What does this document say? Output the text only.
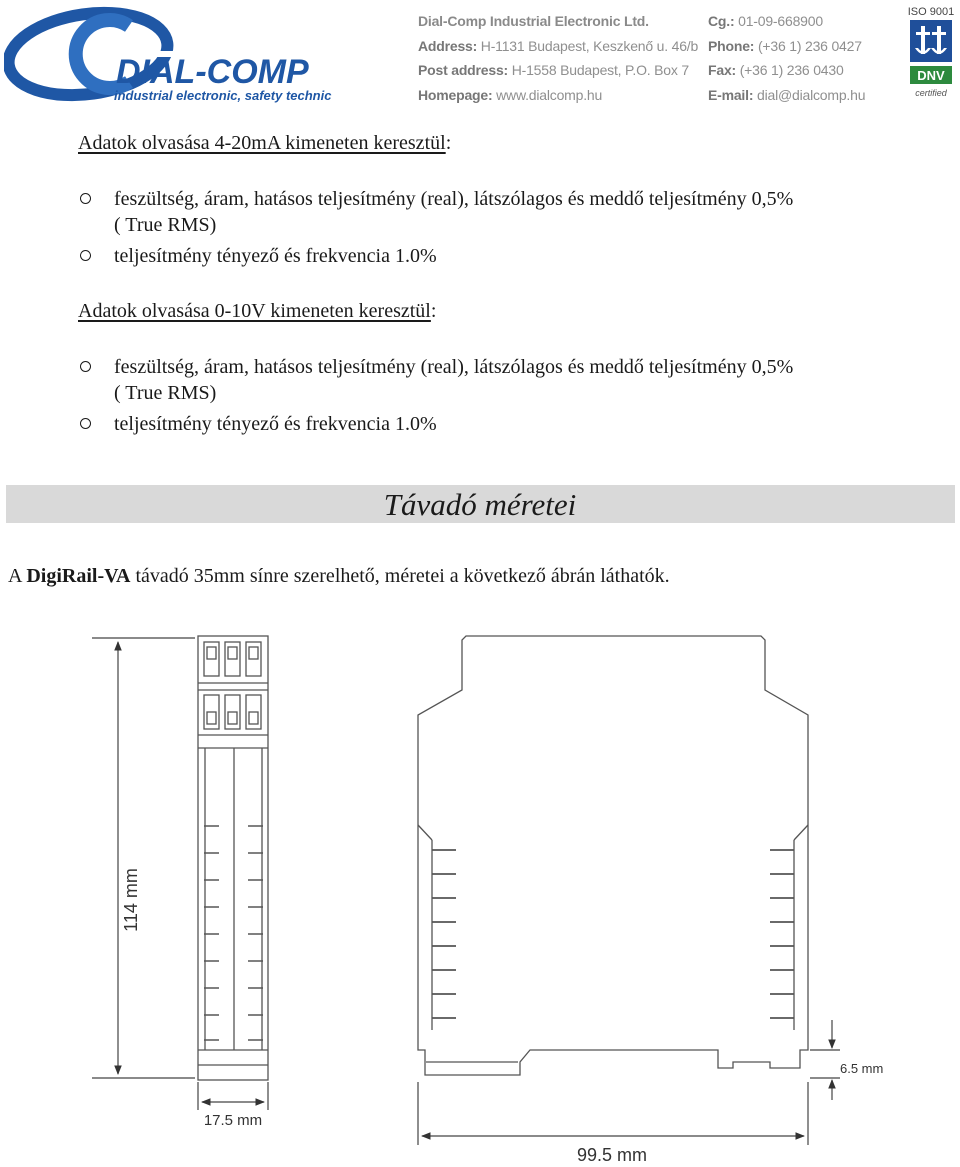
DIAL-COMP
industrial electronic, safety technic
Dial-Comp Industrial Electronic Ltd.
Address: H-1131 Budapest, Keszkenő u. 46/b
Post address: H-1558 Budapest, P.O. Box 7
Homepage: www.dialcomp.hu
Cg.: 01-09-668900
Phone: (+36 1) 236 0427
Fax: (+36 1) 236 0430
E-mail: dial@dialcomp.hu
ISO 9001
DNV
certified
Adatok olvasása 4-20mA kimeneten keresztül:
feszültség, áram, hatásos teljesítmény (real), látszólagos és meddő teljesítmény 0,5%
( True RMS)
teljesítmény tényező és frekvencia 1.0%
Adatok olvasása 0-10V kimeneten keresztül:
feszültség, áram, hatásos teljesítmény (real), látszólagos és meddő teljesítmény 0,5%
( True RMS)
teljesítmény tényező és frekvencia 1.0%
Távadó méretei
A DigiRail-VA távadó 35mm sínre szerelhető, méretei a következő ábrán láthatók.
114 mm
17.5 mm
6.5 mm
99.5 mm
